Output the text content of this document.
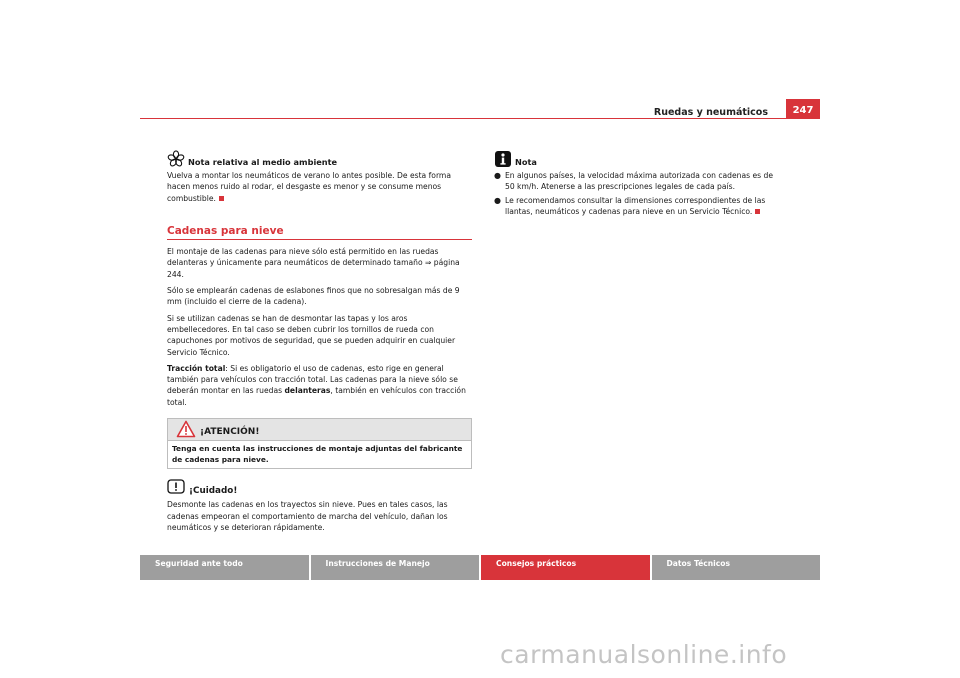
Ruedas y neumáticos	247
Nota relativa al medio ambiente
Vuelva a montar los neumáticos de verano lo antes posible. De esta forma hacen menos ruido al rodar, el desgaste es menor y se consume menos combustible.
Cadenas para nieve
El montaje de las cadenas para nieve sólo está permitido en las ruedas delanteras y únicamente para neumáticos de determinado tamaño ⇒ página 244.
Sólo se emplearán cadenas de eslabones finos que no sobresalgan más de 9 mm (incluido el cierre de la cadena).
Si se utilizan cadenas se han de desmontar las tapas y los aros embellecedores. En tal caso se deben cubrir los tornillos de rueda con capuchones por motivos de seguridad, que se pueden adquirir en cualquier Servicio Técnico.
Tracción total: Si es obligatorio el uso de cadenas, esto rige en general también para vehículos con tracción total. Las cadenas para la nieve sólo se deberán montar en las ruedas delanteras, también en vehículos con tracción total.
¡ATENCIÓN!
Tenga en cuenta las instrucciones de montaje adjuntas del fabricante de cadenas para nieve.
¡Cuidado!
Desmonte las cadenas en los trayectos sin nieve. Pues en tales casos, las cadenas empeoran el comportamiento de marcha del vehículo, dañan los neumáticos y se deterioran rápidamente.
Nota
● En algunos países, la velocidad máxima autorizada con cadenas es de 50 km/h. Atenerse a las prescripciones legales de cada país.
● Le recomendamos consultar la dimensiones correspondientes de las llantas, neumáticos y cadenas para nieve en un Servicio Técnico.
Seguridad ante todo	Instrucciones de Manejo	Consejos prácticos	Datos Técnicos
carmanualsonline.info
